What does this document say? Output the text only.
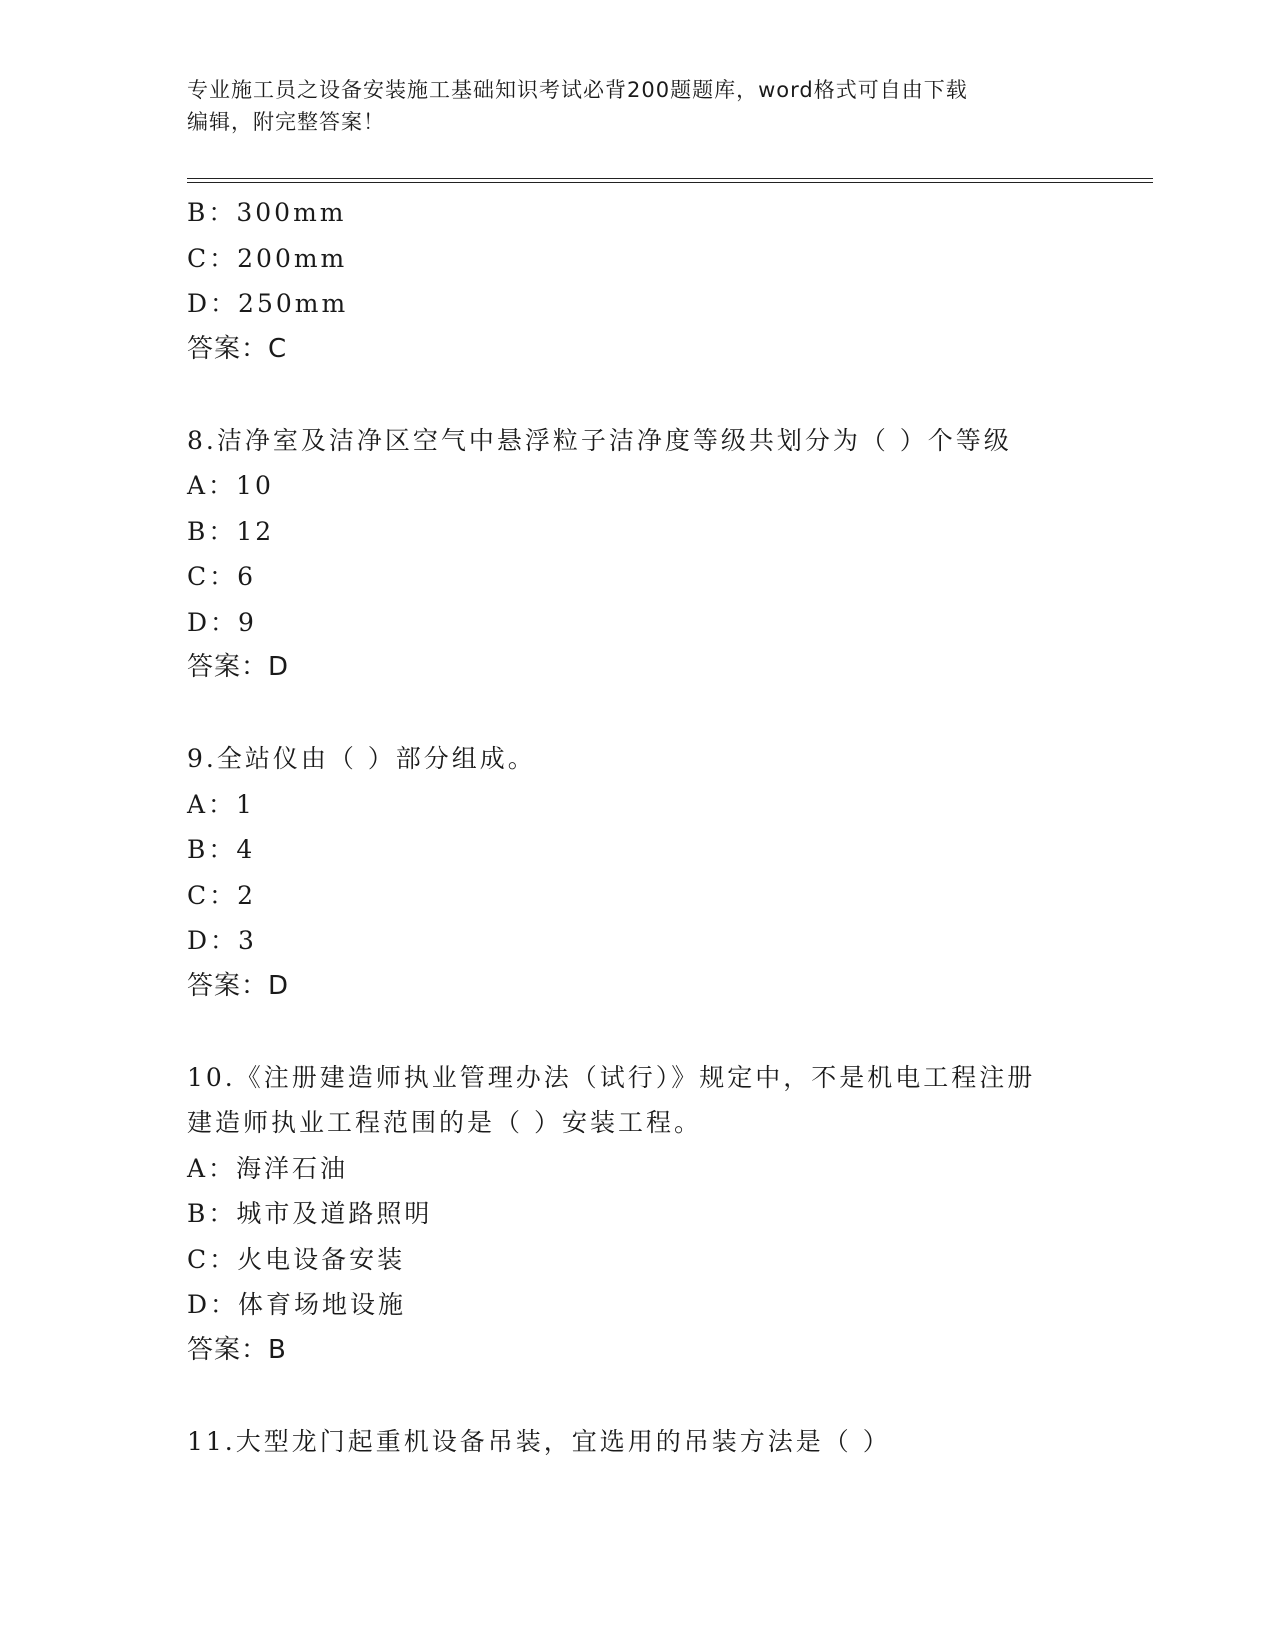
专业施工员之设备安装施工基础知识考试必背200题题库，word格式可自由下载
编辑，附完整答案！
B：300mm
C：200mm
D：250mm
答案：C
8.洁净室及洁净区空气中悬浮粒子洁净度等级共划分为（ ）个等级
A：10
B：12
C：6
D：9
答案：D
9.全站仪由（ ）部分组成。
A：1
B：4
C：2
D：3
答案：D
10.《注册建造师执业管理办法（试行）》规定中，不是机电工程注册
建造师执业工程范围的是（ ）安装工程。
A：海洋石油
B：城市及道路照明
C：火电设备安装
D：体育场地设施
答案：B
11.大型龙门起重机设备吊装，宜选用的吊装方法是（ ）
